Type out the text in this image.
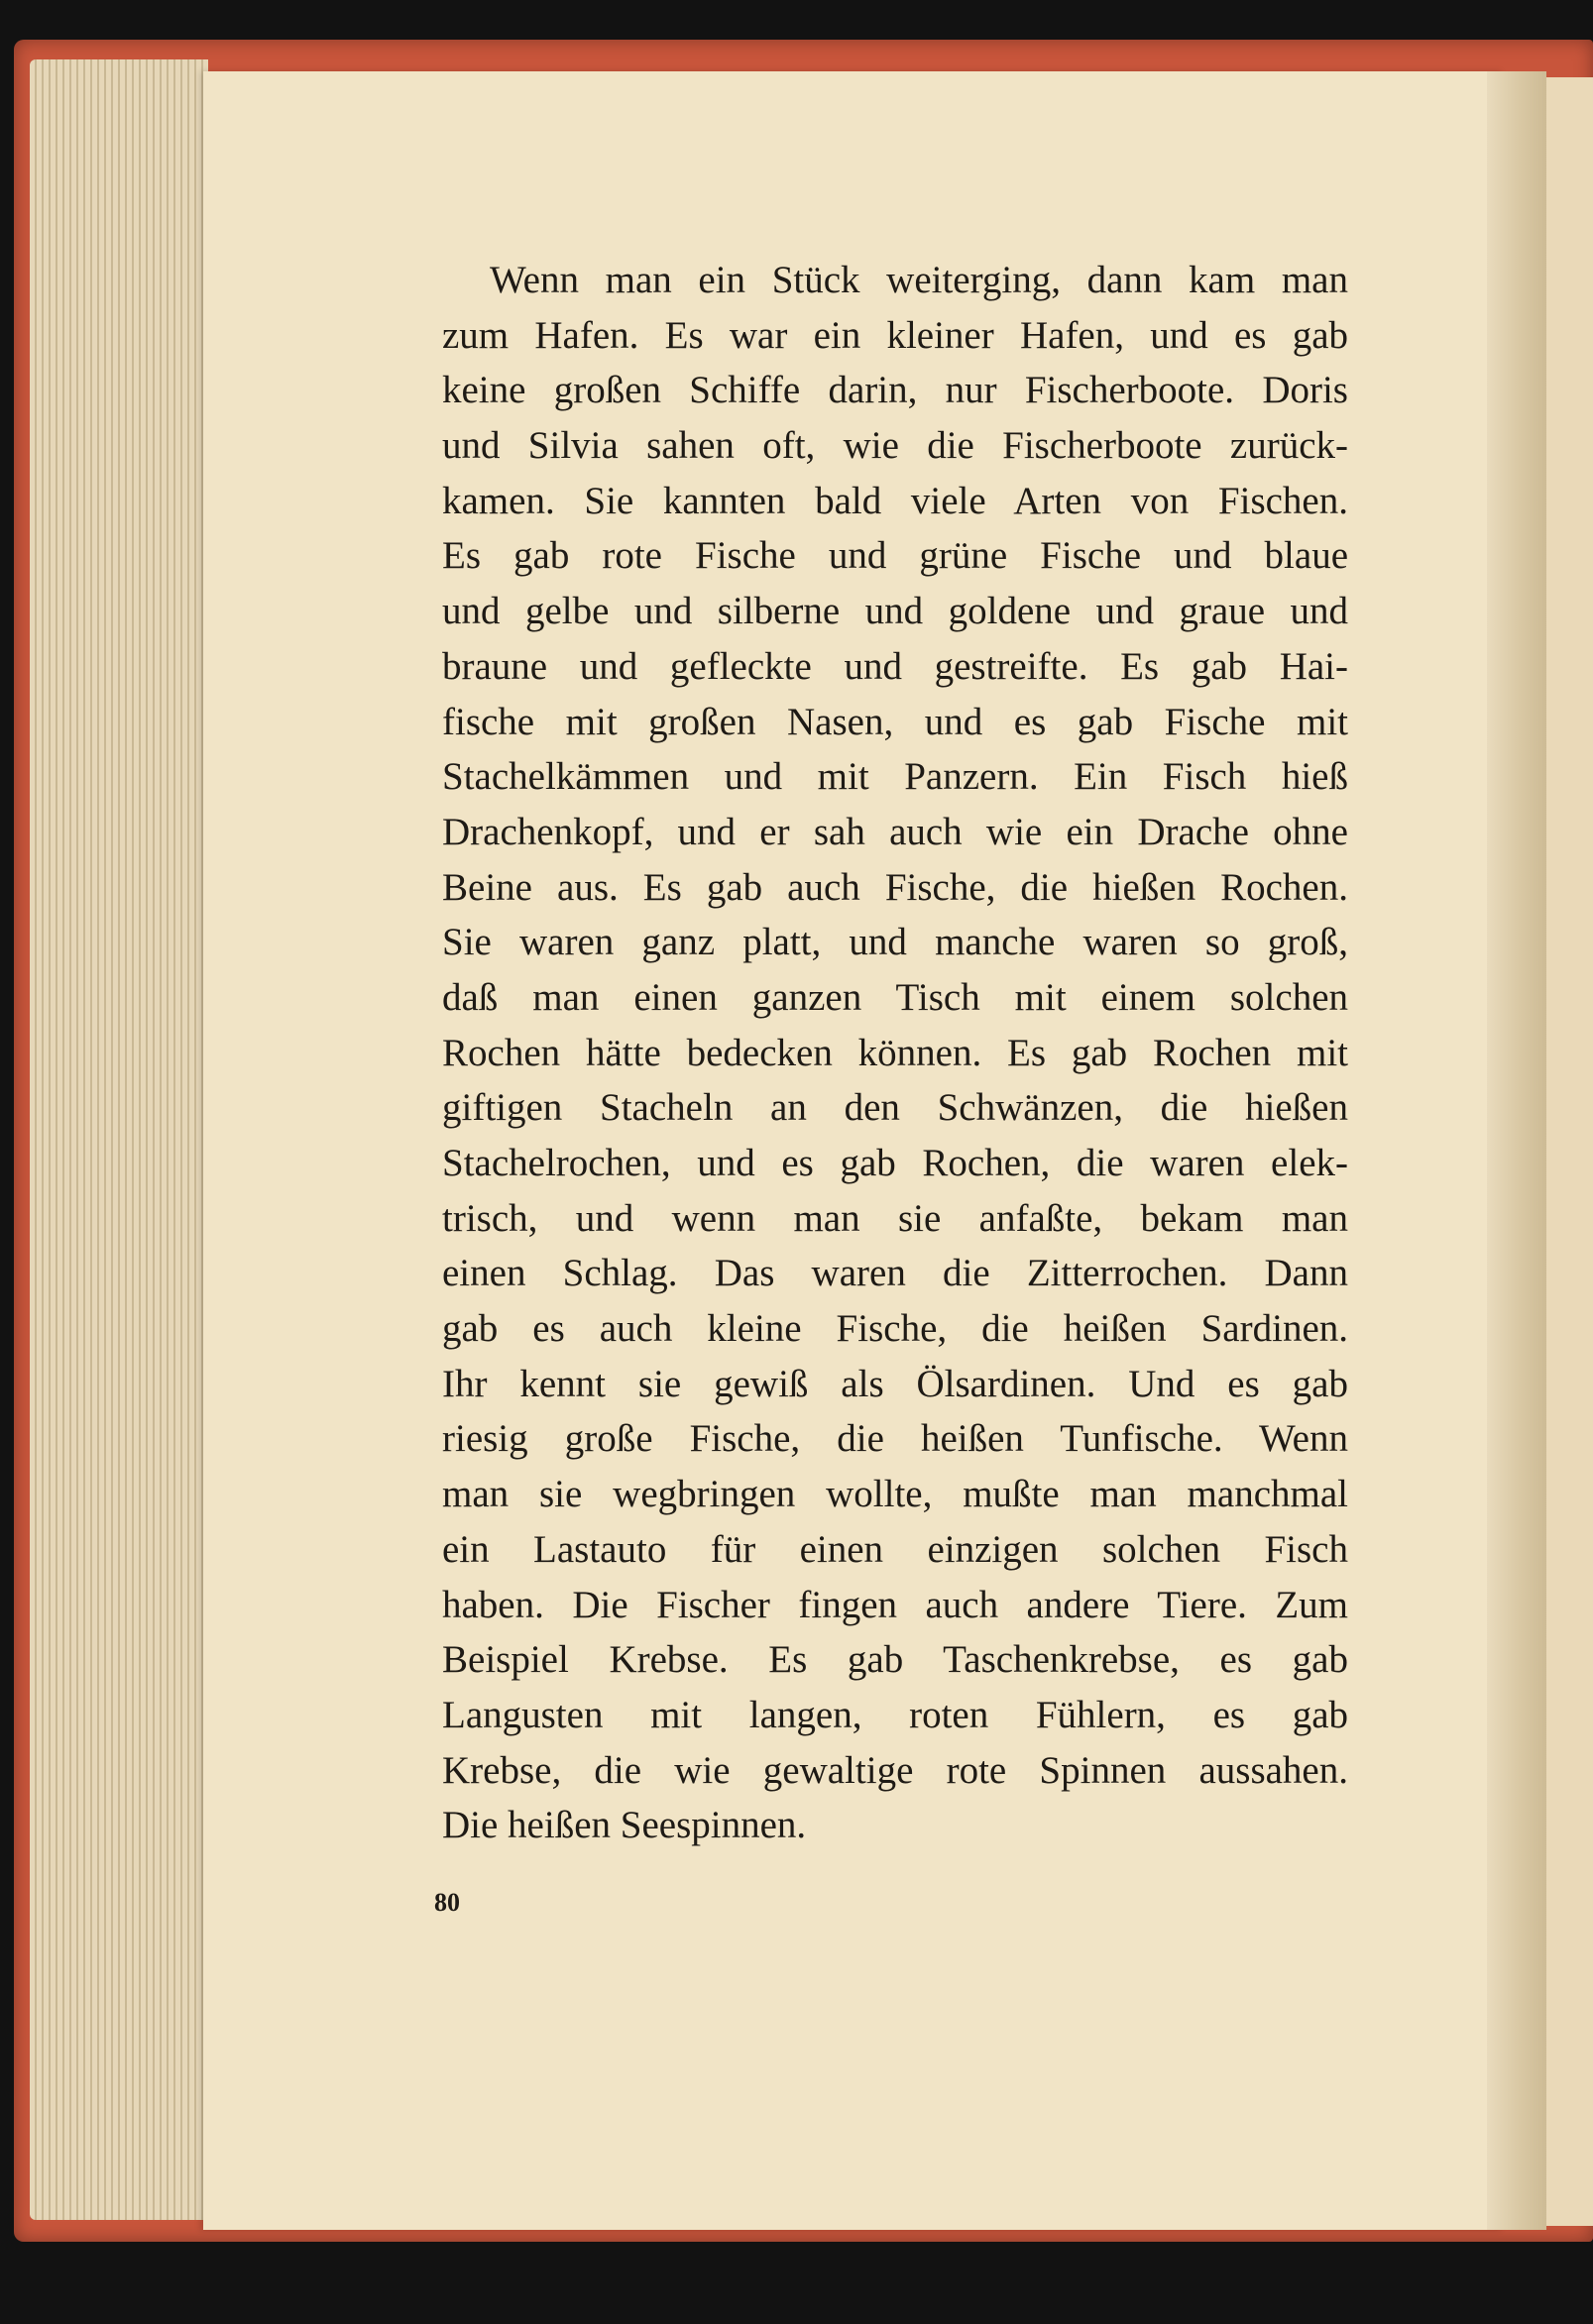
Wenn man ein Stück weiterging, dann kam man
zum Hafen. Es war ein kleiner Hafen, und es gab
keine großen Schiffe darin, nur Fischerboote. Doris
und Silvia sahen oft, wie die Fischerboote zurück-
kamen. Sie kannten bald viele Arten von Fischen.
Es gab rote Fische und grüne Fische und blaue
und gelbe und silberne und goldene und graue und
braune und gefleckte und gestreifte. Es gab Hai-
fische mit großen Nasen, und es gab Fische mit
Stachelkämmen und mit Panzern. Ein Fisch hieß
Drachenkopf, und er sah auch wie ein Drache ohne
Beine aus. Es gab auch Fische, die hießen Rochen.
Sie waren ganz platt, und manche waren so groß,
daß man einen ganzen Tisch mit einem solchen
Rochen hätte bedecken können. Es gab Rochen mit
giftigen Stacheln an den Schwänzen, die hießen
Stachelrochen, und es gab Rochen, die waren elek-
trisch, und wenn man sie anfaßte, bekam man
einen Schlag. Das waren die Zitterrochen. Dann
gab es auch kleine Fische, die heißen Sardinen.
Ihr kennt sie gewiß als Ölsardinen. Und es gab
riesig große Fische, die heißen Tunfische. Wenn
man sie wegbringen wollte, mußte man manchmal
ein Lastauto für einen einzigen solchen Fisch
haben. Die Fischer fingen auch andere Tiere. Zum
Beispiel Krebse. Es gab Taschenkrebse, es gab
Langusten mit langen, roten Fühlern, es gab
Krebse, die wie gewaltige rote Spinnen aussahen.
Die heißen Seespinnen.
80
